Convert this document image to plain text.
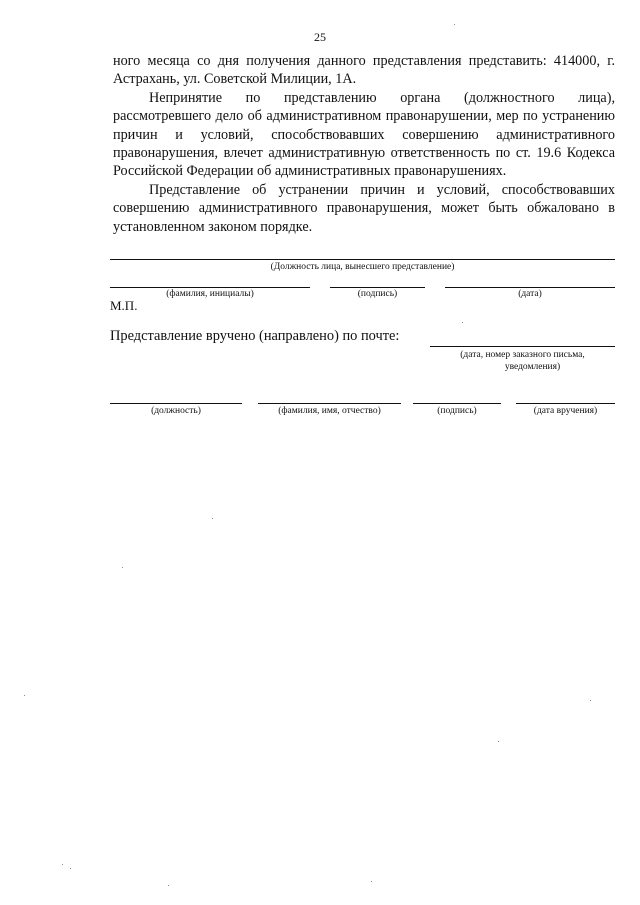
25

ного месяца со дня получения данного представления представить: 414000, г. Астрахань, ул. Советской Милиции, 1А.

Непринятие по представлению органа (должностного лица), рассмотревшего дело об административном правонарушении, мер по устранению причин и условий, способствовавших совершению административного правонарушения, влечет административную ответственность по ст. 19.6 Кодекса Российской Федерации об административных правонарушениях.

Представление об устранении причин и условий, способствовавших совершению административного правонарушения, может быть обжаловано в установленном законом порядке.

(Должность лица, вынесшего представление)
(фамилия, инициалы)	(подпись)	(дата)
М.П.
Представление вручено (направлено) по почте:
(дата, номер заказного письма,
уведомления)
(должность)	(фамилия, имя, отчество)	(подпись)	(дата вручения)
